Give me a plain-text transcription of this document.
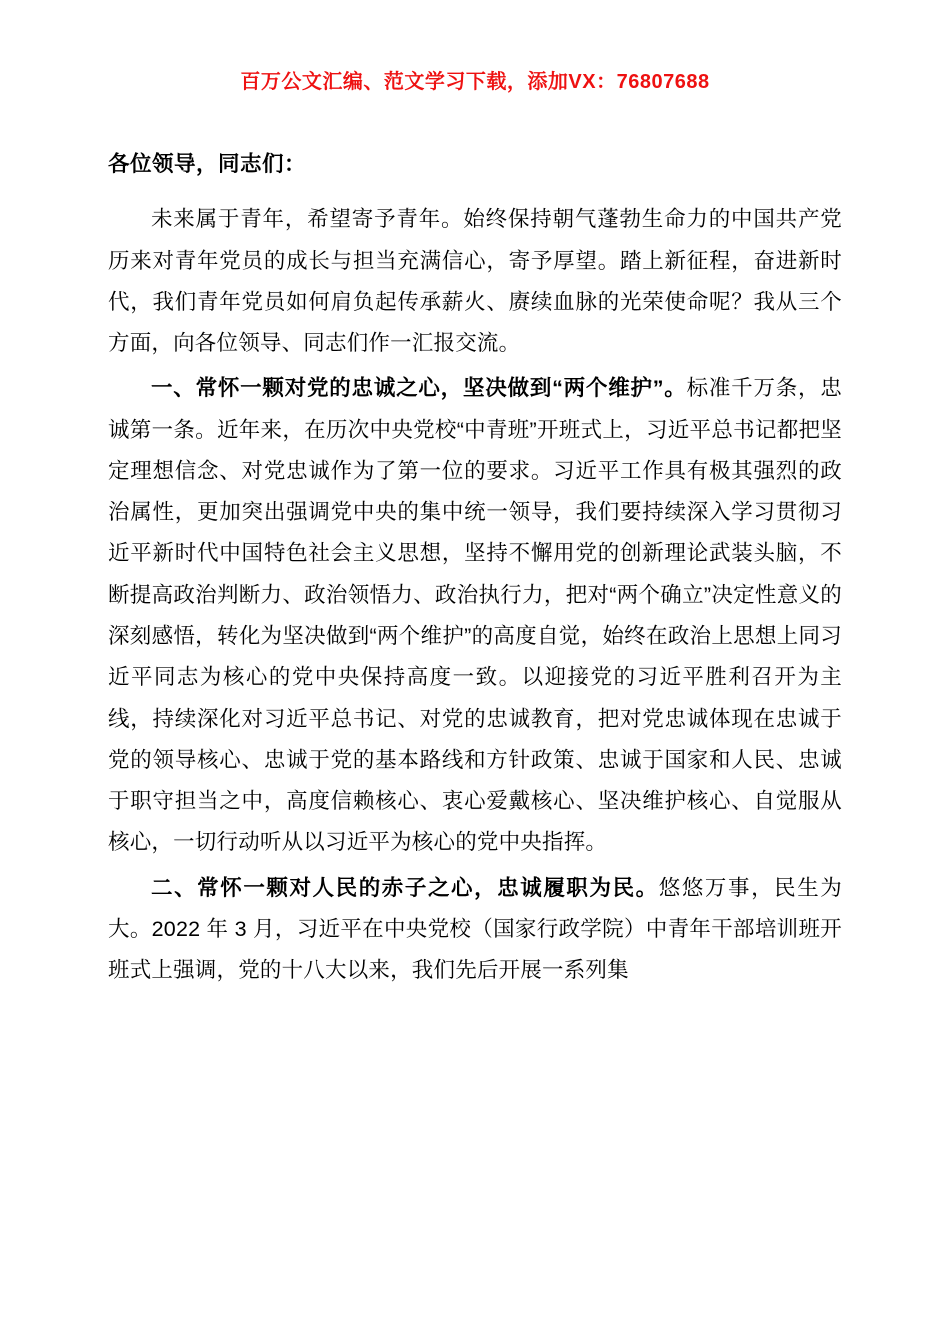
百万公文汇编、范文学习下载，添加VX：76807688
各位领导，同志们：

未来属于青年，希望寄予青年。始终保持朝气蓬勃生命力的中国共产党历来对青年党员的成长与担当充满信心，寄予厚望。踏上新征程，奋进新时代，我们青年党员如何肩负起传承薪火、赓续血脉的光荣使命呢？我从三个方面，向各位领导、同志们作一汇报交流。

一、常怀一颗对党的忠诚之心，坚决做到“两个维护”。标准千万条，忠诚第一条。近年来，在历次中央党校“中青班”开班式上，习近平总书记都把坚定理想信念、对党忠诚作为了第一位的要求。习近平工作具有极其强烈的政治属性，更加突出强调党中央的集中统一领导，我们要持续深入学习贯彻习近平新时代中国特色社会主义思想，坚持不懈用党的创新理论武装头脑，不断提高政治判断力、政治领悟力、政治执行力，把对“两个确立”决定性意义的深刻感悟，转化为坚决做到“两个维护”的高度自觉，始终在政治上思想上同习近平同志为核心的党中央保持高度一致。以迎接党的习近平胜利召开为主线，持续深化对习近平总书记、对党的忠诚教育，把对党忠诚体现在忠诚于党的领导核心、忠诚于党的基本路线和方针政策、忠诚于国家和人民、忠诚于职守担当之中，高度信赖核心、衷心爱戴核心、坚决维护核心、自觉服从核心，一切行动听从以习近平为核心的党中央指挥。

二、常怀一颗对人民的赤子之心，忠诚履职为民。悠悠万事，民生为大。2022 年 3 月，习近平在中央党校（国家行政学院）中青年干部培训班开班式上强调，党的十八大以来，我们先后开展一系列集
